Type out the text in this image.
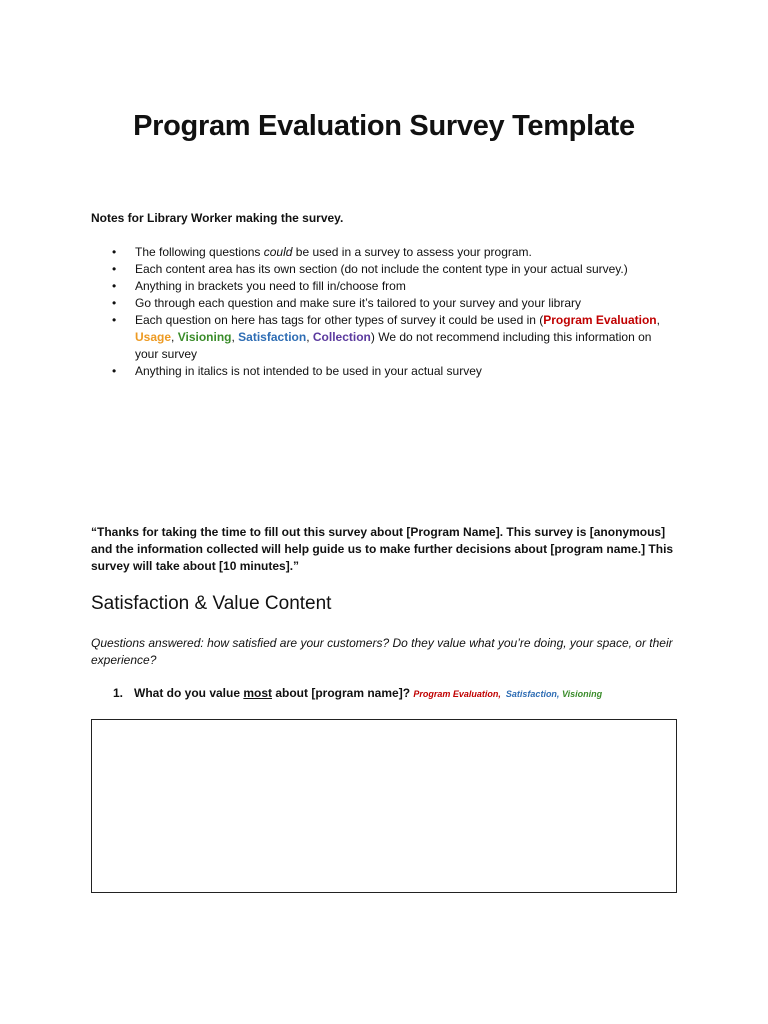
Program Evaluation Survey Template
Notes for Library Worker making the survey.
• The following questions could be used in a survey to assess your program.
• Each content area has its own section (do not include the content type in your actual survey.)
• Anything in brackets you need to fill in/choose from
• Go through each question and make sure it’s tailored to your survey and your library
• Each question on here has tags for other types of survey it could be used in (Program Evaluation, Usage, Visioning, Satisfaction, Collection) We do not recommend including this information on your survey
• Anything in italics is not intended to be used in your actual survey
“Thanks for taking the time to fill out this survey about [Program Name]. This survey is [anonymous] and the information collected will help guide us to make further decisions about [program name.] This survey will take about [10 minutes].”
Satisfaction & Value Content
Questions answered: how satisfied are your customers? Do they value what you’re doing, your space, or their experience?
1. What do you value most about [program name]? Program Evaluation, Satisfaction, Visioning
